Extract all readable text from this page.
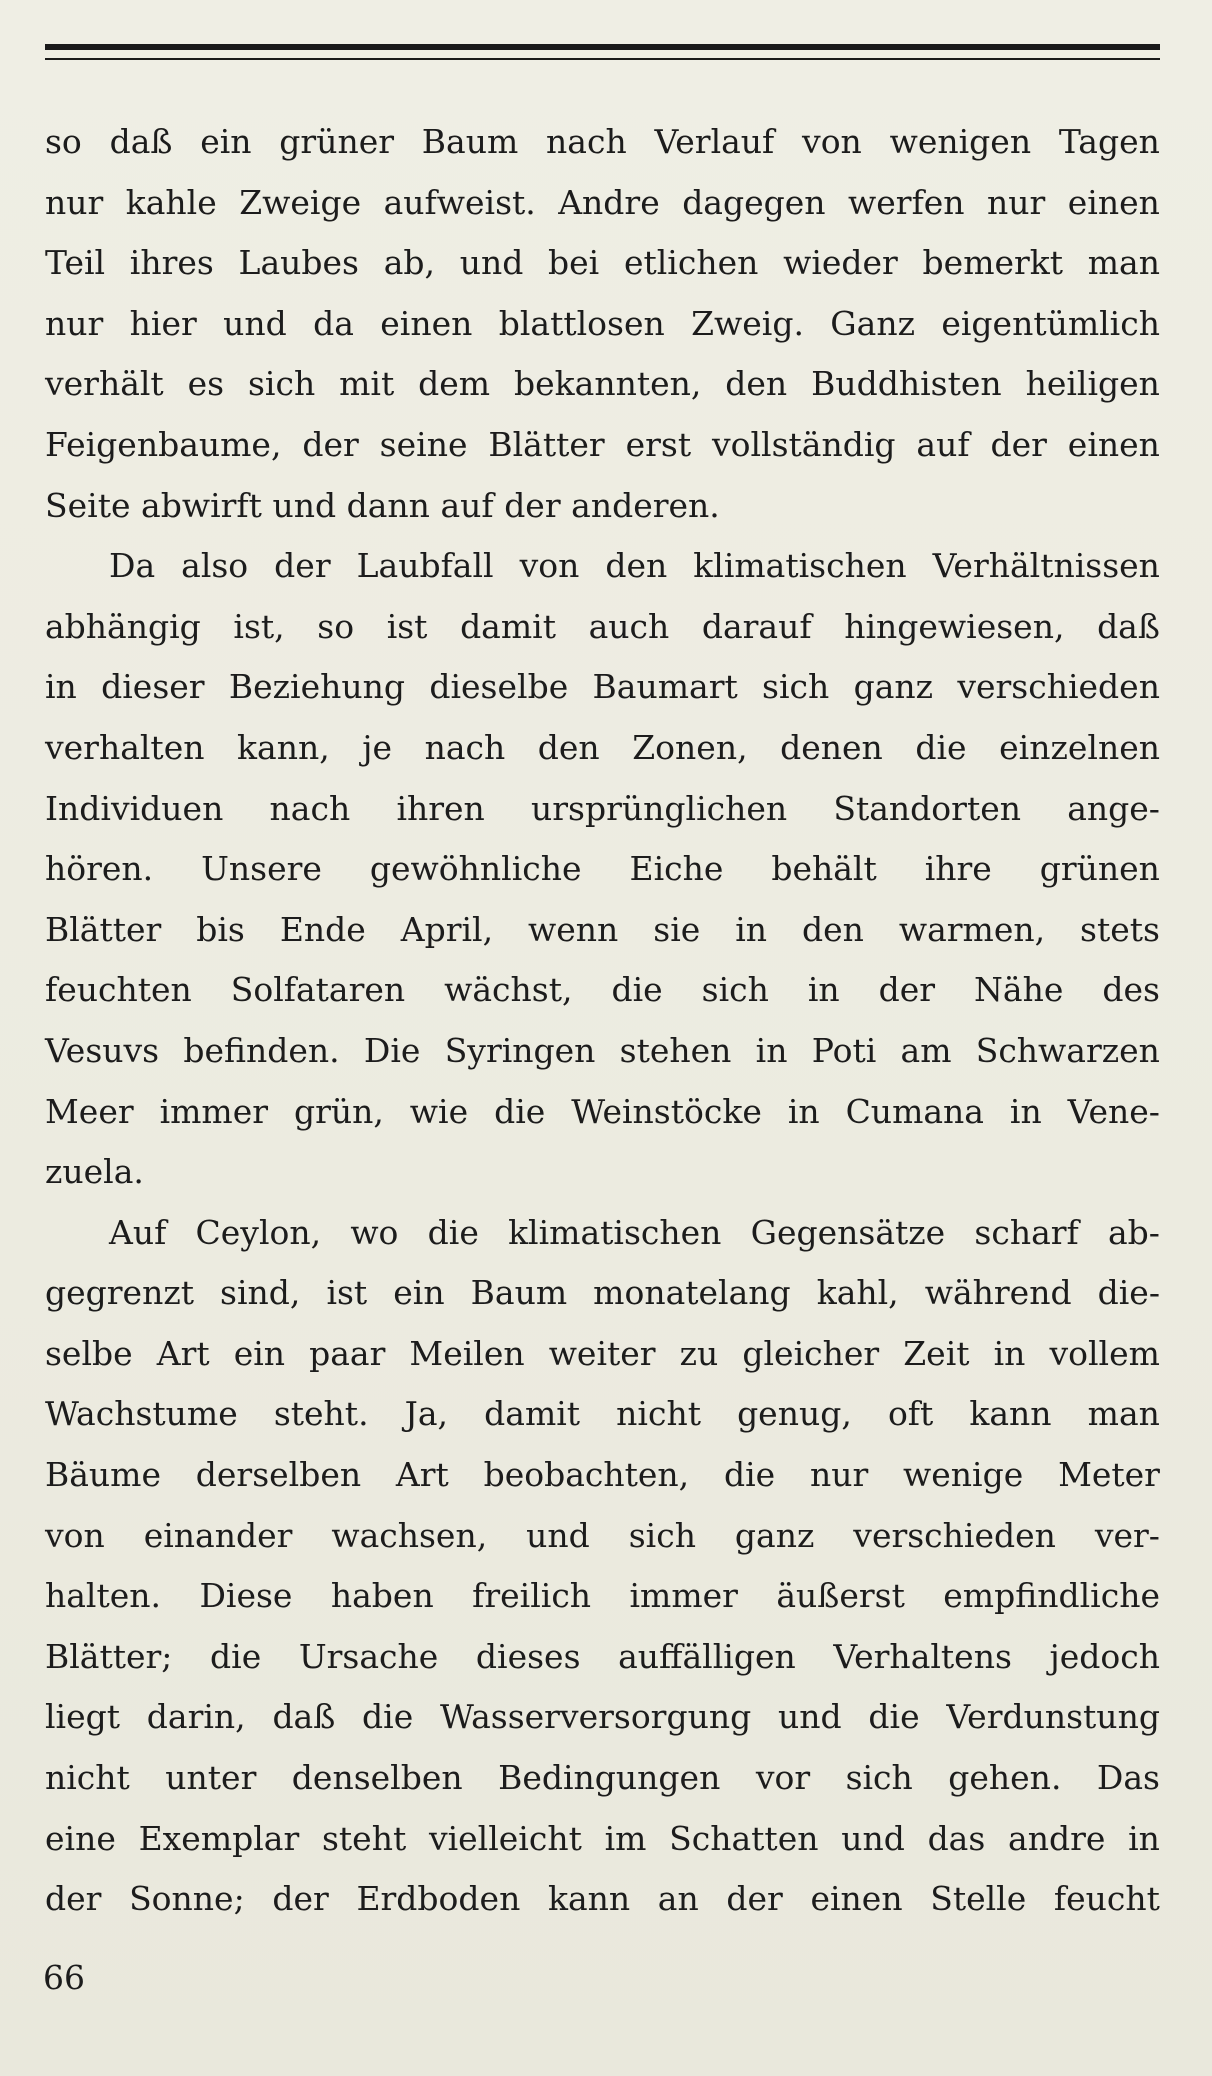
so daß ein grüner Baum nach Verlauf von wenigen Tagen
nur kahle Zweige aufweist. Andre dagegen werfen nur einen
Teil ihres Laubes ab, und bei etlichen wieder bemerkt man
nur hier und da einen blattlosen Zweig. Ganz eigentümlich
verhält es sich mit dem bekannten, den Buddhisten heiligen
Feigenbaume, der seine Blätter erst vollständig auf der einen
Seite abwirft und dann auf der anderen.
Da also der Laubfall von den klimatischen Verhältnissen
abhängig ist, so ist damit auch darauf hingewiesen, daß
in dieser Beziehung dieselbe Baumart sich ganz verschieden
verhalten kann, je nach den Zonen, denen die einzelnen
Individuen nach ihren ursprünglichen Standorten ange-
hören. Unsere gewöhnliche Eiche behält ihre grünen
Blätter bis Ende April, wenn sie in den warmen, stets
feuchten Solfataren wächst, die sich in der Nähe des
Vesuvs befinden. Die Syringen stehen in Poti am Schwarzen
Meer immer grün, wie die Weinstöcke in Cumana in Vene-
zuela.
Auf Ceylon, wo die klimatischen Gegensätze scharf ab-
gegrenzt sind, ist ein Baum monatelang kahl, während die-
selbe Art ein paar Meilen weiter zu gleicher Zeit in vollem
Wachstume steht. Ja, damit nicht genug, oft kann man
Bäume derselben Art beobachten, die nur wenige Meter
von einander wachsen, und sich ganz verschieden ver-
halten. Diese haben freilich immer äußerst empfindliche
Blätter; die Ursache dieses auffälligen Verhaltens jedoch
liegt darin, daß die Wasserversorgung und die Verdunstung
nicht unter denselben Bedingungen vor sich gehen. Das
eine Exemplar steht vielleicht im Schatten und das andre in
der Sonne; der Erdboden kann an der einen Stelle feucht
66
